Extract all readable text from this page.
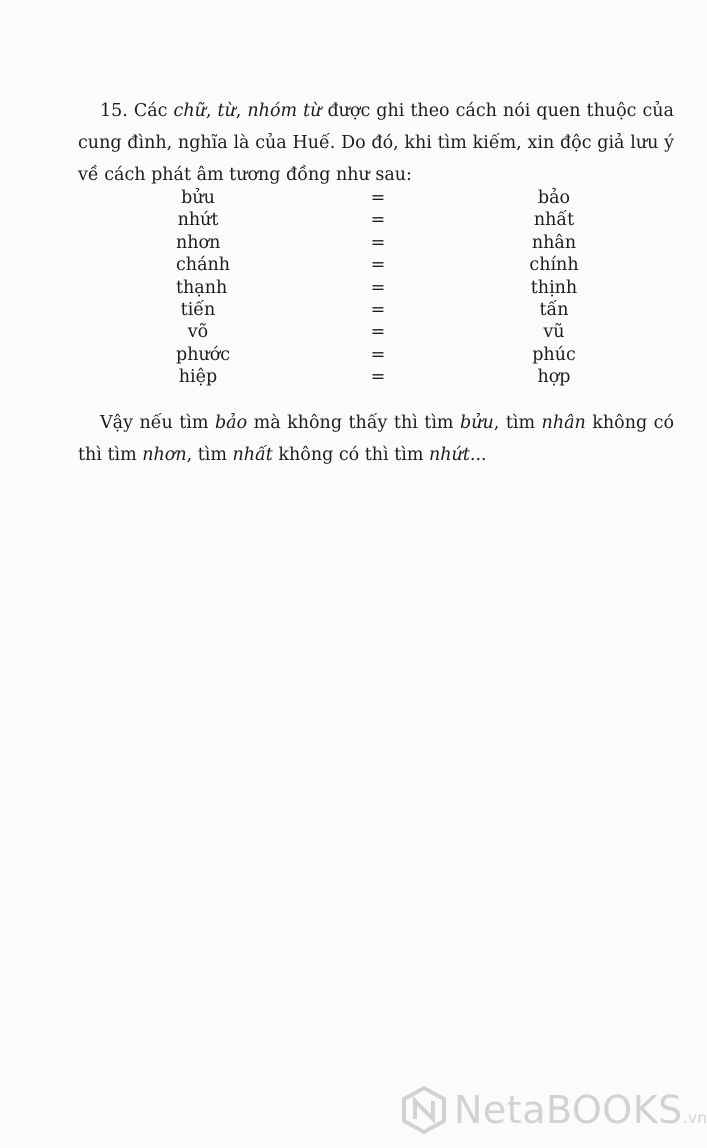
15. Các chữ, từ, nhóm từ được ghi theo cách nói quen thuộc của cung đình, nghĩa là của Huế. Do đó, khi tìm kiếm, xin độc giả lưu ý về cách phát âm tương đồng như sau:

bửu	=	bảo
nhứt	=	nhất
nhơn	=	nhân
chánh	=	chính
thạnh	=	thịnh
tiến	=	tấn
võ	=	vũ
phước	=	phúc
hiệp	=	hợp

Vậy nếu tìm bảo mà không thấy thì tìm bửu, tìm nhân không có thì tìm nhơn, tìm nhất không có thì tìm nhứt...

NetaBOOKS.vn
